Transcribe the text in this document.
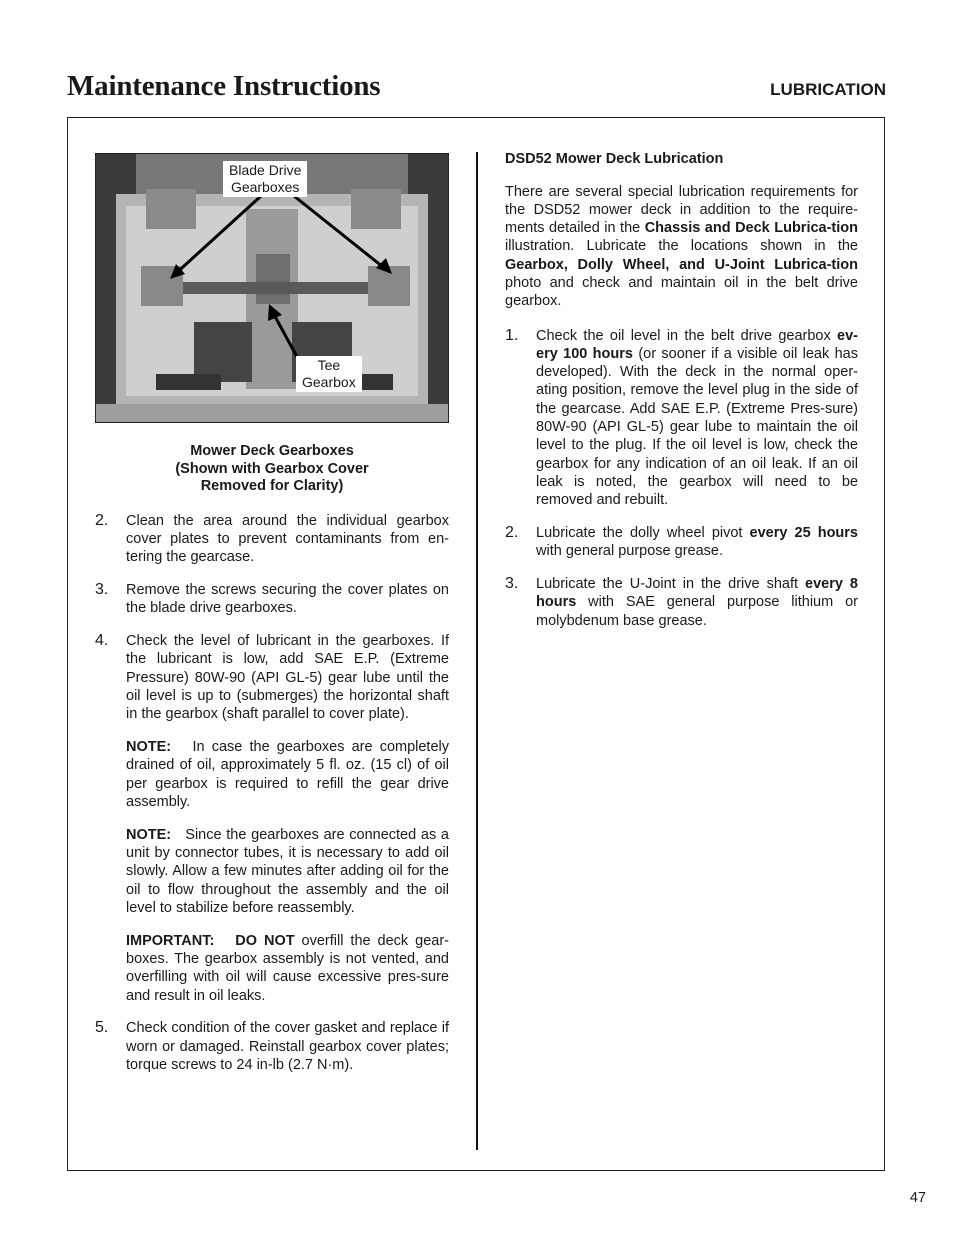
Maintenance Instructions	LUBRICATION
Blade Drive
Gearboxes
Tee
Gearbox
Mower Deck Gearboxes
(Shown with Gearbox Cover
Removed for Clarity)
2. Clean the area around the individual gearbox cover plates to prevent contaminants from en-tering the gearcase.

3. Remove the screws securing the cover plates on the blade drive gearboxes.

4. Check the level of lubricant in the gearboxes. If the lubricant is low, add SAE E.P. (Extreme Pressure) 80W-90 (API GL-5) gear lube until the oil level is up to (submerges) the horizontal shaft in the gearbox (shaft parallel to cover plate).

NOTE: In case the gearboxes are completely drained of oil, approximately 5 fl. oz. (15 cl) of oil per gearbox is required to refill the gear drive assembly.

NOTE: Since the gearboxes are connected as a unit by connector tubes, it is necessary to add oil slowly. Allow a few minutes after adding oil for the oil to flow throughout the assembly and the oil level to stabilize before reassembly.

IMPORTANT: DO NOT overfill the deck gear-boxes. The gearbox assembly is not vented, and overfilling with oil will cause excessive pres-sure and result in oil leaks.

5. Check condition of the cover gasket and replace if worn or damaged. Reinstall gearbox cover plates; torque screws to 24 in-lb (2.7 N·m).

DSD52 Mower Deck Lubrication

There are several special lubrication requirements for the DSD52 mower deck in addition to the require-ments detailed in the Chassis and Deck Lubrica-tion illustration. Lubricate the locations shown in the Gearbox, Dolly Wheel, and U-Joint Lubrica-tion photo and check and maintain oil in the belt drive gearbox.

1. Check the oil level in the belt drive gearbox ev-ery 100 hours (or sooner if a visible oil leak has developed). With the deck in the normal oper-ating position, remove the level plug in the side of the gearcase. Add SAE E.P. (Extreme Pres-sure) 80W-90 (API GL-5) gear lube to maintain the oil level to the plug. If the oil level is low, check the gearbox for any indication of an oil leak. If an oil leak is noted, the gearbox will need to be removed and rebuilt.

2. Lubricate the dolly wheel pivot every 25 hours with general purpose grease.

3. Lubricate the U-Joint in the drive shaft every 8 hours with SAE general purpose lithium or molybdenum base grease.

47
